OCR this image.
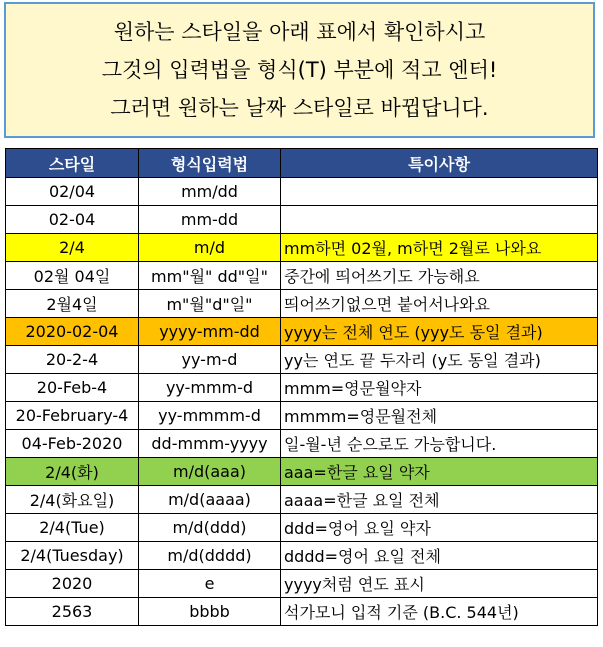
원하는 스타일을 아래 표에서 확인하시고
그것의 입력법을 형식(T) 부분에 적고 엔터!
그러면 원하는 날짜 스타일로 바뀝답니다.
스타일	형식입력법	특이사항
02/04	mm/dd	
02-04	mm-dd	
2/4	m/d	mm하면 02월, m하면 2월로 나와요
02월 04일	mm"월" dd"일"	중간에 띄어쓰기도 가능해요
2월4일	m"월"d"일"	띄어쓰기없으면 붙어서나와요
2020-02-04	yyyy-mm-dd	yyyy는 전체 연도 (yyy도 동일 결과)
20-2-4	yy-m-d	yy는 연도 끝 두자리 (y도 동일 결과)
20-Feb-4	yy-mmm-d	mmm=영문월약자
20-February-4	yy-mmmm-d	mmmm=영문월전체
04-Feb-2020	dd-mmm-yyyy	일-월-년 순으로도 가능합니다.
2/4(화)	m/d(aaa)	aaa=한글 요일 약자
2/4(화요일)	m/d(aaaa)	aaaa=한글 요일 전체
2/4(Tue)	m/d(ddd)	ddd=영어 요일 약자
2/4(Tuesday)	m/d(dddd)	dddd=영어 요일 전체
2020	e	yyyy처럼 연도 표시
2563	bbbb	석가모니 입적 기준 (B.C. 544년)
